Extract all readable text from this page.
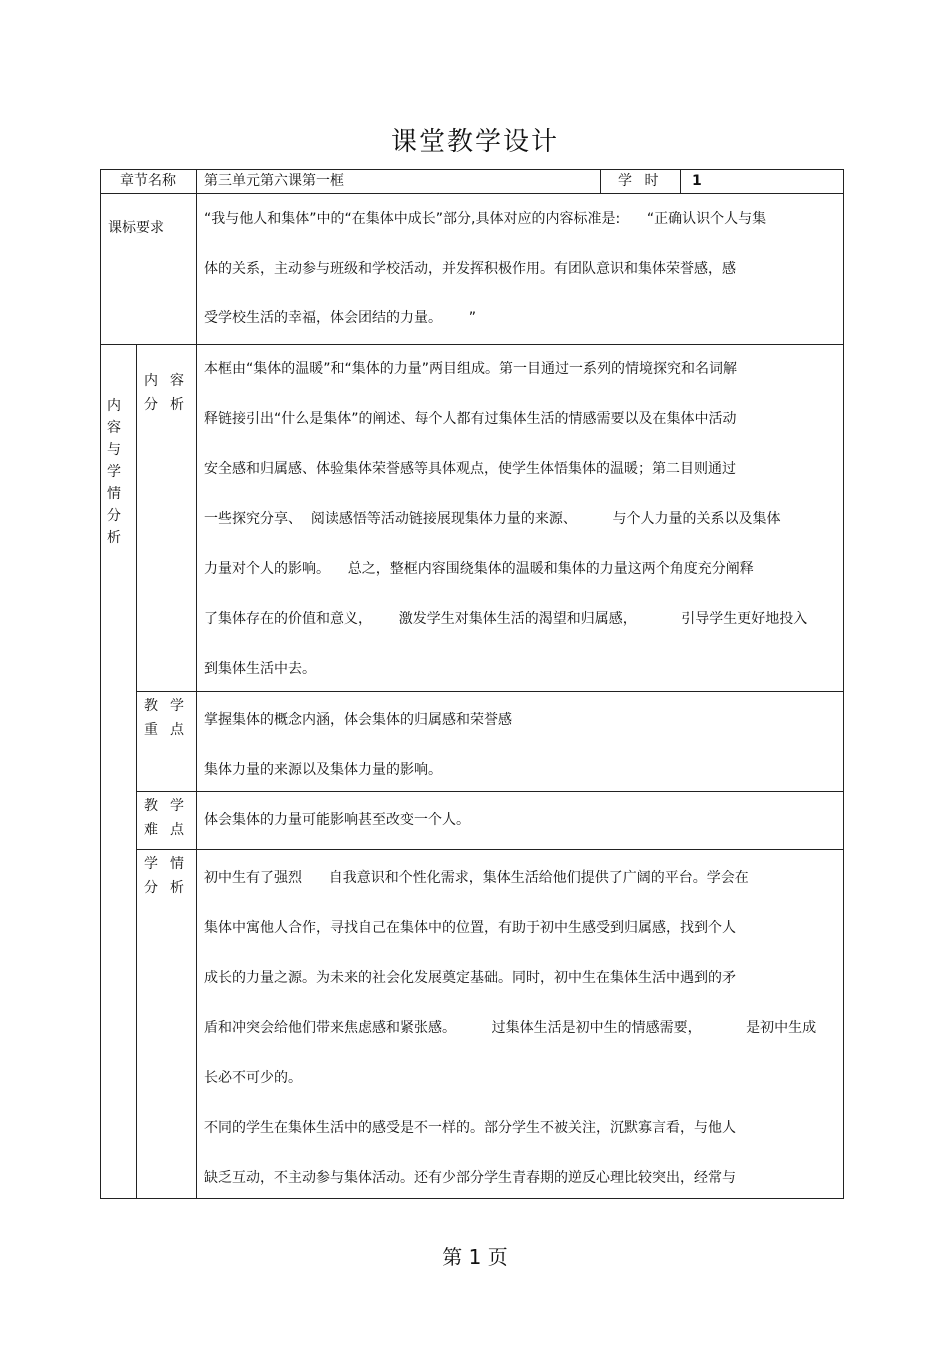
课堂教学设计
章节名称 第三单元第六课第一框	学 时 1
课标要求
“我与他人和集体”中的“在集体中成长”部分,具体对应的内容标准是:      “正确认识个人与集
体的关系，主动参与班级和学校活动，并发挥积极作用。有团队意识和集体荣誉感，感
受学校生活的幸福，体会团结的力量。      ”
内容与学情分析
内容分析
本框由“集体的温暖”和“集体的力量”两目组成。第一目通过一系列的情境探究和名词解
释链接引出“什么是集体”的阐述、每个人都有过集体生活的情感需要以及在集体中活动
安全感和归属感、体验集体荣誉感等具体观点，使学生体悟集体的温暖；第二目则通过
一些探究分享、  阅读感悟等活动链接展现集体力量的来源、        与个人力量的关系以及集体
力量对个人的影响。    总之，整框内容围绕集体的温暖和集体的力量这两个角度充分阐释
了集体存在的价值和意义，      激发学生对集体生活的渴望和归属感，          引导学生更好地投入
到集体生活中去。
教学重点
掌握集体的概念内涵，体会集体的归属感和荣誉感
集体力量的来源以及集体力量的影响。
教学难点
体会集体的力量可能影响甚至改变一个人。
学情分析
初中生有了强烈      自我意识和个性化需求，集体生活给他们提供了广阔的平台。学会在
集体中寓他人合作，寻找自己在集体中的位置，有助于初中生感受到归属感，找到个人
成长的力量之源。为未来的社会化发展奠定基础。同时，初中生在集体生活中遇到的矛
盾和冲突会给他们带来焦虑感和紧张感。        过集体生活是初中生的情感需要，          是初中生成
长必不可少的。
不同的学生在集体生活中的感受是不一样的。部分学生不被关注，沉默寡言看，与他人
缺乏互动，不主动参与集体活动。还有少部分学生青春期的逆反心理比较突出，经常与
第 1 页
